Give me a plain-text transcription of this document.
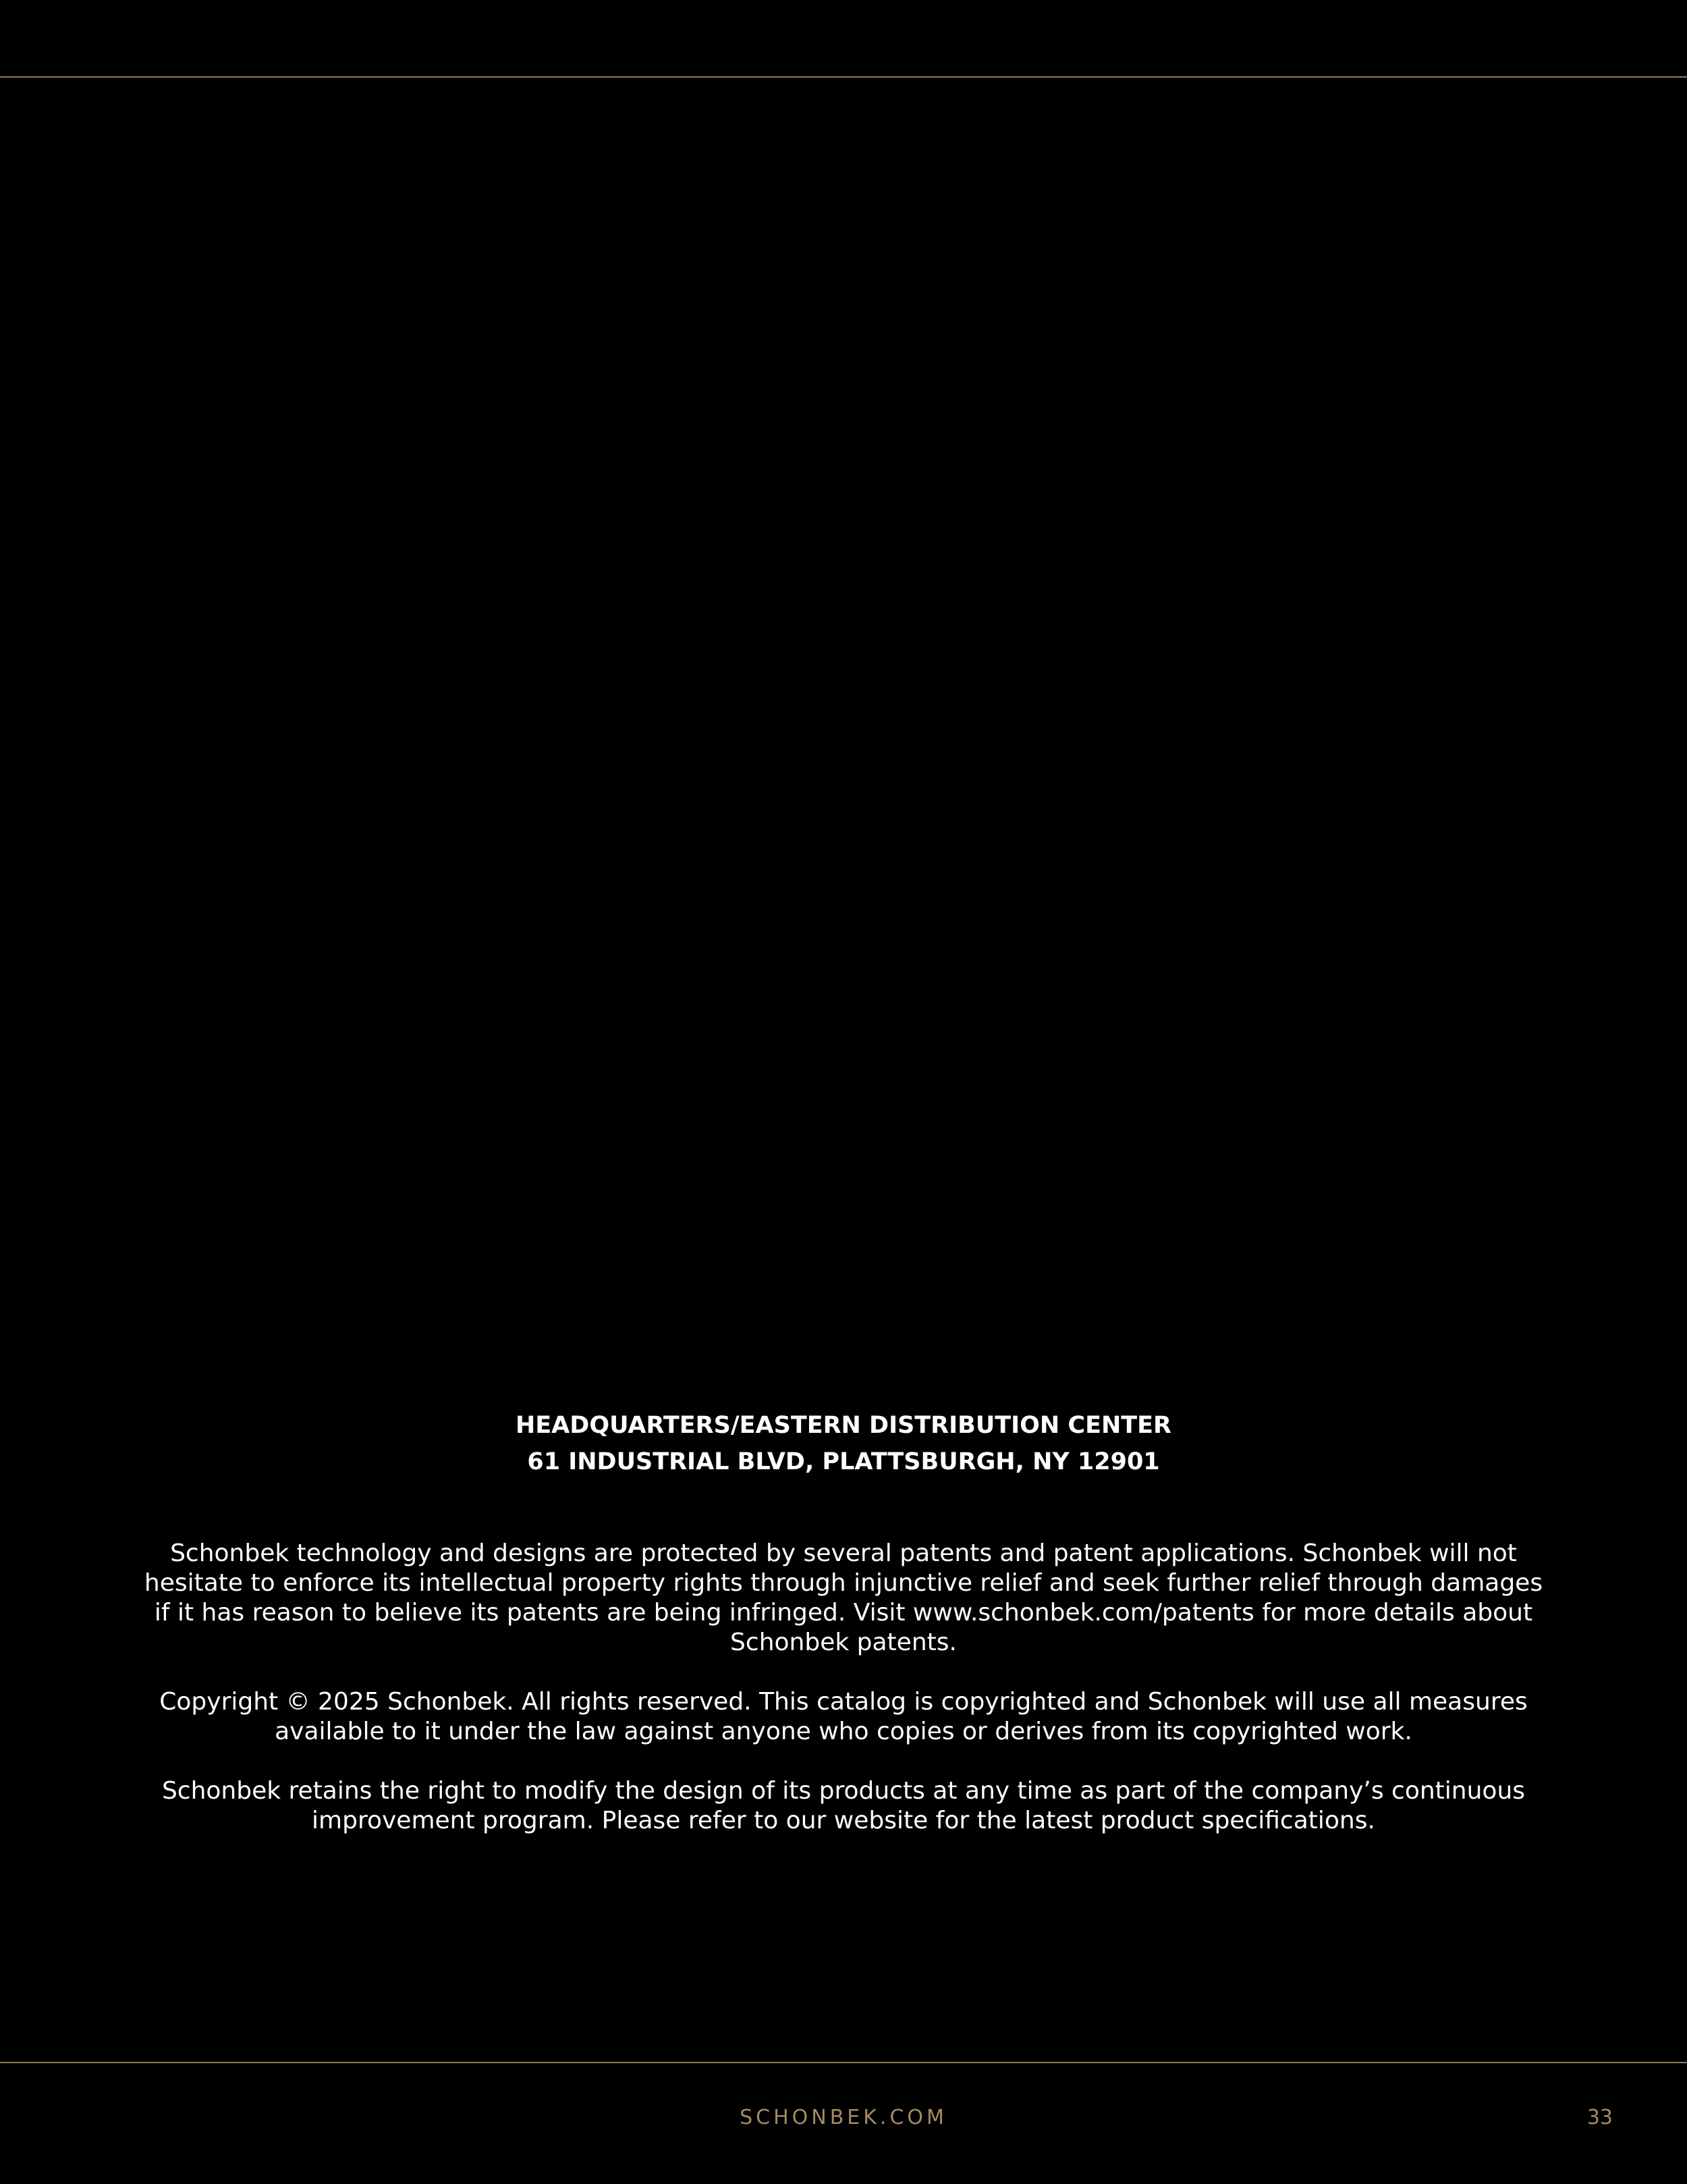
HEADQUARTERS/EASTERN DISTRIBUTION CENTER
61 INDUSTRIAL BLVD, PLATTSBURGH, NY 12901

Schonbek technology and designs are protected by several patents and patent applications. Schonbek will not hesitate to enforce its intellectual property rights through injunctive relief and seek further relief through damages if it has reason to believe its patents are being infringed. Visit www.schonbek.com/patents for more details about Schonbek patents.

Copyright © 2025 Schonbek. All rights reserved. This catalog is copyrighted and Schonbek will use all measures available to it under the law against anyone who copies or derives from its copyrighted work.

Schonbek retains the right to modify the design of its products at any time as part of the company’s continuous improvement program. Please refer to our website for the latest product specifications.

SCHONBEK.COM	33
